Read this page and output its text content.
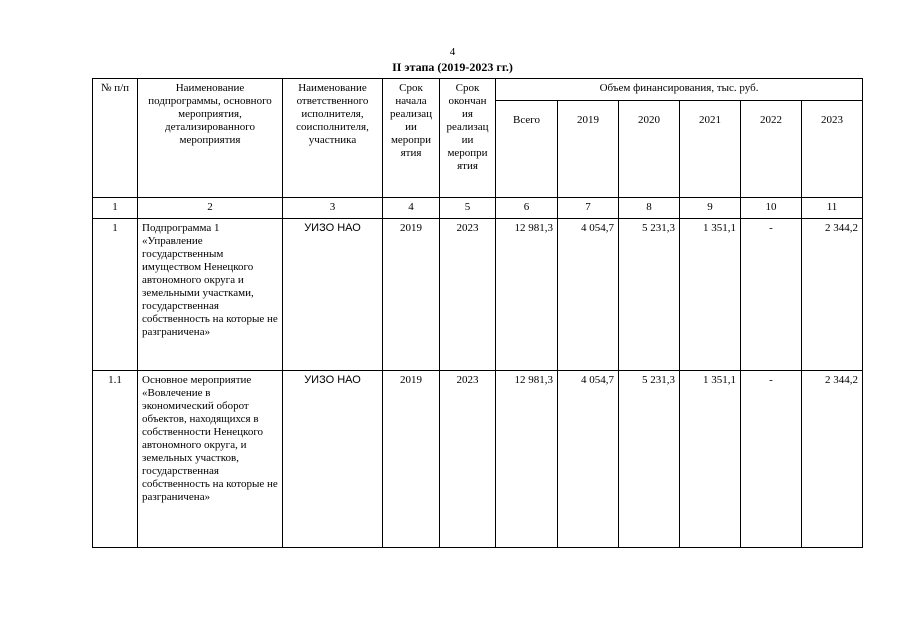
4
II этапа (2019-2023 гг.)
№ п/п	Наименование подпрограммы, основного мероприятия, детализированного мероприятия	Наименование ответственного исполнителя, соисполнителя, участника	Срок начала реализац ии меропри ятия	Срок окончан ия реализац ии меропри ятия	Объем финансирования, тыс. руб.					
					Всего	2019	2020	2021	2022	2023
1	2	3	4	5	6	7	8	9	10	11
1	Подпрограмма 1 «Управление государственным имуществом Ненецкого автономного округа и земельными участками, государственная собственность на которые не разграничена»	УИЗО НАО	2019	2023	12 981,3	4 054,7	5 231,3	1 351,1	-	2 344,2
1.1	Основное мероприятие «Вовлечение в экономический оборот объектов, находящихся в собственности Ненецкого автономного округа, и земельных участков, государственная собственность на которые не разграничена»	УИЗО НАО	2019	2023	12 981,3	4 054,7	5 231,3	1 351,1	-	2 344,2
